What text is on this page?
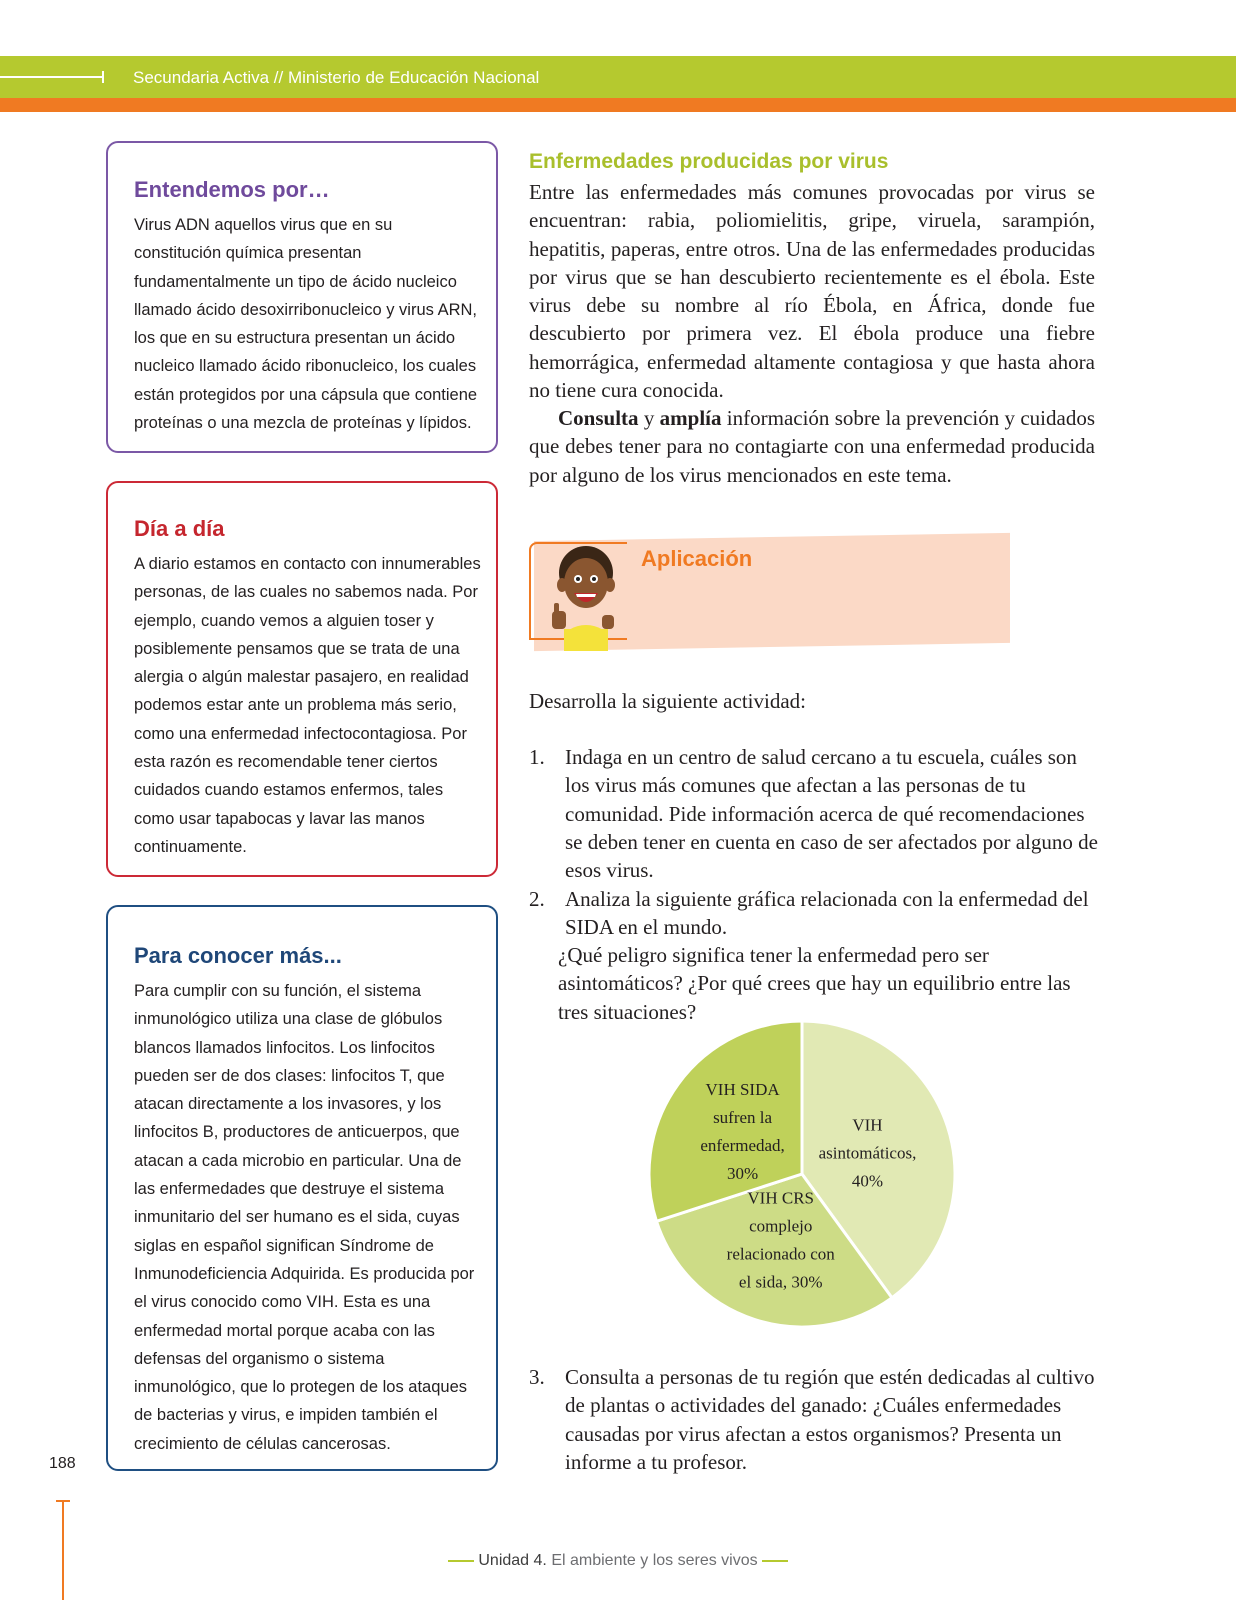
Secundaria Activa // Ministerio de Educación Nacional
Entendemos por…

Virus ADN aquellos virus que en su constitución química presentan fundamentalmente un tipo de ácido nucleico llamado ácido desoxirribonucleico y virus ARN, los que en su estructura presentan un ácido nucleico llamado ácido ribonucleico, los cuales están protegidos por una cápsula que contiene proteínas o una mezcla de proteínas y lípidos.

Día a día

A diario estamos en contacto con innumerables personas, de las cuales no sabemos nada. Por ejemplo, cuando vemos a alguien toser y posiblemente pensamos que se trata de una alergia o algún malestar pasajero, en realidad podemos estar ante un problema más serio, como una enfermedad infectocontagiosa. Por esta razón es recomendable tener ciertos cuidados cuando estamos enfermos, tales como usar tapabocas y lavar las manos continuamente.

Para conocer más...

Para cumplir con su función, el sistema inmunológico utiliza una clase de glóbulos blancos llamados linfocitos. Los linfocitos pueden ser de dos clases: linfocitos T, que atacan directamente a los invasores, y los linfocitos B, productores de anticuerpos, que atacan a cada microbio en particular. Una de las enfermedades que destruye el sistema inmunitario del ser humano es el sida, cuyas siglas en español significan Síndrome de Inmunodeficiencia Adquirida. Es producida por el virus conocido como VIH. Esta es una enfermedad mortal porque acaba con las defensas del organismo o sistema inmunológico, que lo protegen de los ataques de bacterias y virus, e impiden también el crecimiento de células cancerosas.

Enfermedades producidas por virus
Entre las enfermedades más comunes provocadas por virus se encuentran: rabia, poliomielitis, gripe, viruela, sarampión, hepatitis, paperas, entre otros. Una de las enfermedades producidas por virus que se han descubierto recientemente es el ébola. Este virus debe su nombre al río Ébola, en África, donde fue descubierto por primera vez. El ébola produce una fiebre hemorrágica, enfermedad altamente contagiosa y que hasta ahora no tiene cura conocida.
Consulta y amplía información sobre la prevención y cuidados que debes tener para no contagiarte con una enfermedad producida por alguno de los virus mencionados en este tema.
Aplicación
Desarrolla la siguiente actividad:
1. Indaga en un centro de salud cercano a tu escuela, cuáles son los virus más comunes que afectan a las personas de tu comunidad. Pide información acerca de qué recomendaciones se deben tener en cuenta en caso de ser afectados por alguno de esos virus.
2. Analiza la siguiente gráfica relacionada con la enfermedad del SIDA en el mundo.
¿Qué peligro significa tener la enfermedad pero ser asintomáticos? ¿Por qué crees que hay un equilibrio entre las tres situaciones?
VIH
asintomáticos,
40%
VIH CRS
complejo
relacionado con
el sida, 30%
VIH SIDA
sufren la
enfermedad,
30%
3. Consulta a personas de tu región que estén dedicadas al cultivo de plantas o actividades del ganado: ¿Cuáles enfermedades causadas por virus afectan a estos organismos? Presenta un informe a tu profesor.
188
Unidad 4. El ambiente y los seres vivos
